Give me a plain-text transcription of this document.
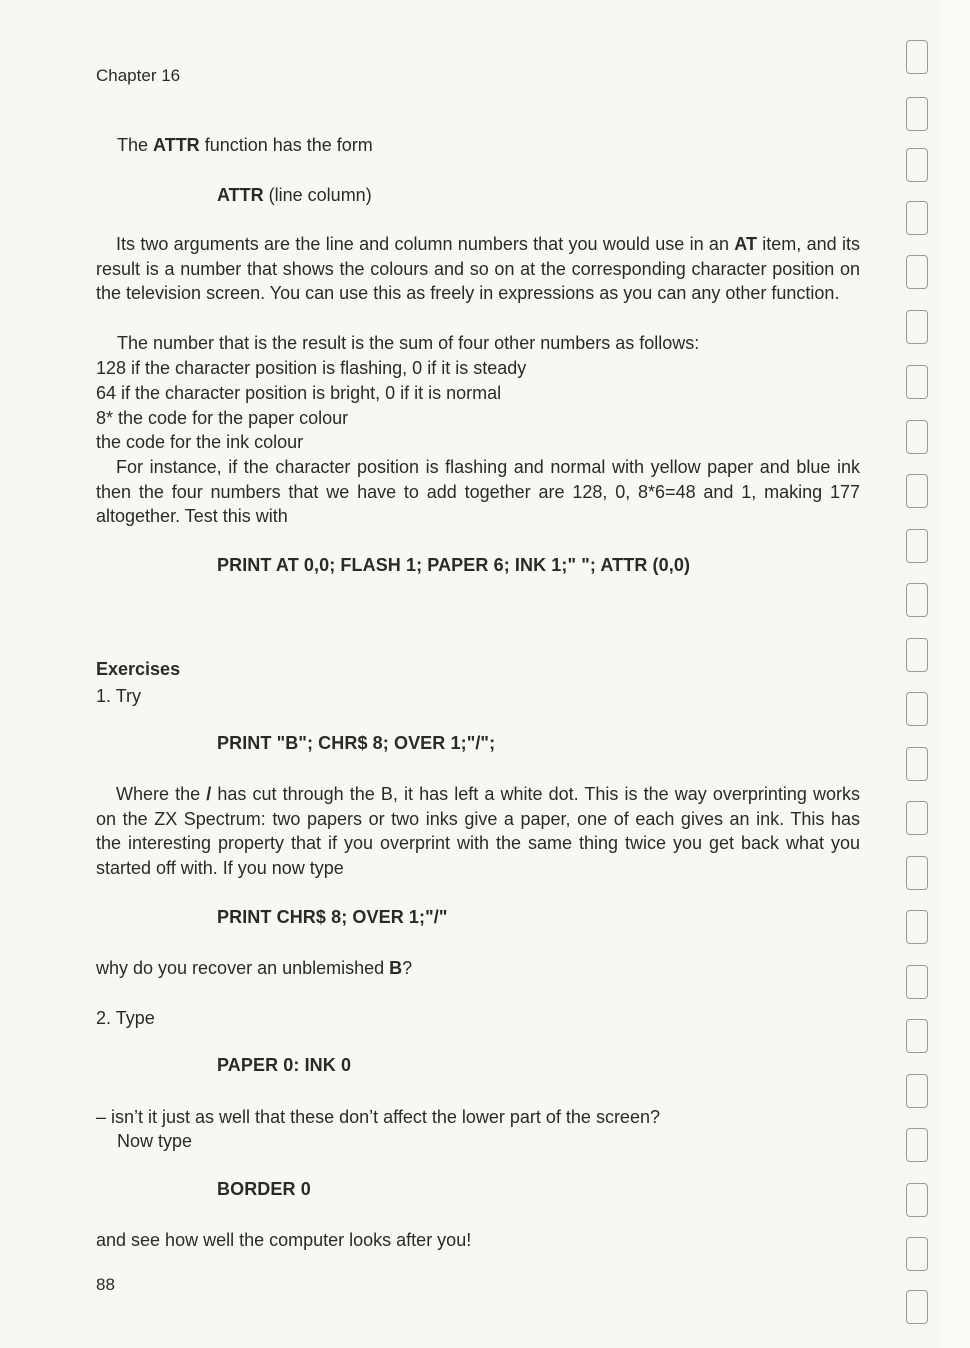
Chapter 16

The ATTR function has the form

ATTR (line column)

Its two arguments are the line and column numbers that you would use in an AT item, and its result is a number that shows the colours and so on at the corresponding character position on the television screen. You can use this as freely in expressions as you can any other function.

The number that is the result is the sum of four other numbers as follows:

128 if the character position is flashing, 0 if it is steady

64 if the character position is bright, 0 if it is normal

8* the code for the paper colour

the code for the ink colour

For instance, if the character position is flashing and normal with yellow paper and blue ink then the four numbers that we have to add together are 128, 0, 8*6=48 and 1, making 177 altogether. Test this with

PRINT AT 0,0; FLASH 1; PAPER 6; INK 1;" "; ATTR (0,0)

Exercises

1. Try

PRINT "B"; CHR$ 8; OVER 1;"/";

Where the / has cut through the B, it has left a white dot. This is the way overprinting works on the ZX Spectrum: two papers or two inks give a paper, one of each gives an ink. This has the interesting property that if you overprint with the same thing twice you get back what you started off with. If you now type

PRINT CHR$ 8; OVER 1;"/"

why do you recover an unblemished B?

2. Type

PAPER 0: INK 0

– isn’t it just as well that these don’t affect the lower part of the screen?

Now type

BORDER 0

and see how well the computer looks after you!

88
